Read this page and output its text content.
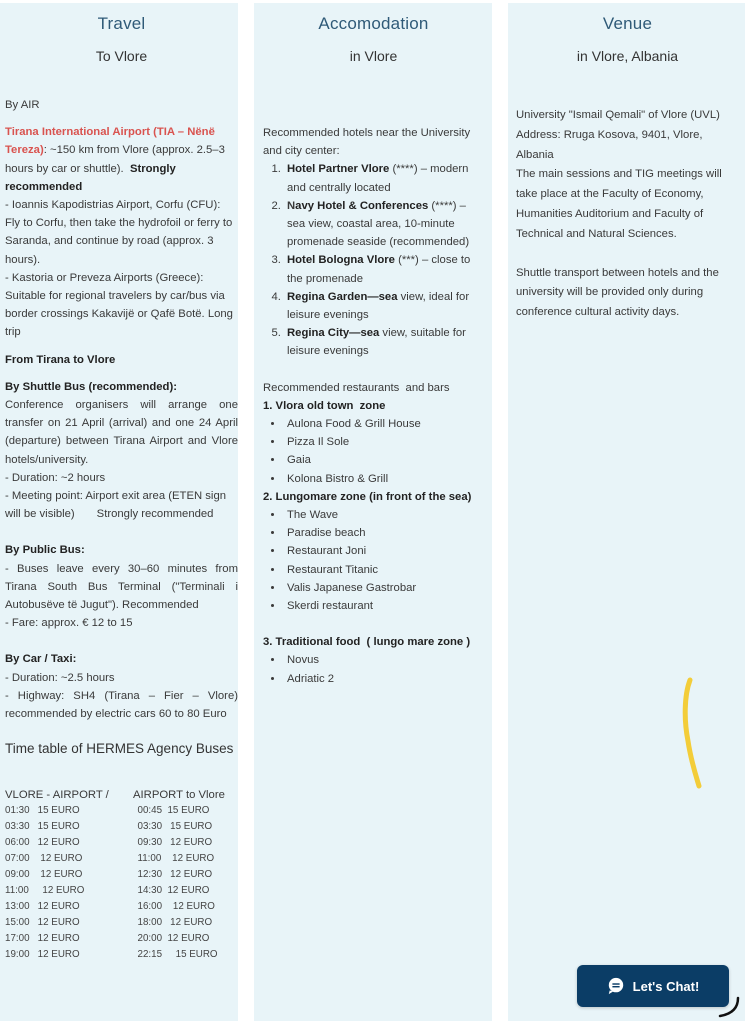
Travel
To Vlore

By AIR

Tirana International Airport (TIA – Nënë Tereza): ~150 km from Vlore (approx. 2.5–3 hours by car or shuttle). Strongly recommended

- Ioannis Kapodistrias Airport, Corfu (CFU): Fly to Corfu, then take the hydrofoil or ferry to Saranda, and continue by road (approx. 3 hours).

- Kastoria or Preveza Airports (Greece): Suitable for regional travelers by car/bus via border crossings Kakavijë or Qafë Botë. Long trip

From Tirana to Vlore

By Shuttle Bus (recommended):

Conference organisers will arrange one transfer on 21 April (arrival) and one 24 April (departure) between Tirana Airport and Vlore hotels/university.

- Duration: ~2 hours

- Meeting point: Airport exit area (ETEN sign will be visible)       Strongly recommended

By Public Bus:

- Buses leave every 30–60 minutes from Tirana South Bus Terminal ("Terminali i Autobusëve të Jugut"). Recommended

- Fare: approx. € 12 to 15

By Car / Taxi:

- Duration: ~2.5 hours

- Highway: SH4 (Tirana – Fier – Vlore) recommended by electric cars 60 to 80 Euro

Time table of HERMES Agency Buses
VLORE - AIRPORT /	AIRPORT to Vlore
01:30   15 EURO	00:45  15 EURO
03:30   15 EURO	03:30   15 EURO
06:00   12 EURO	09:30   12 EURO
07:00    12 EURO	11:00    12 EURO
09:00    12 EURO	12:30   12 EURO
11:00     12 EURO	14:30  12 EURO
13:00   12 EURO	16:00    12 EURO
15:00   12 EURO	18:00   12 EURO
17:00   12 EURO	20:00  12 EURO
19:00   12 EURO	22:15     15 EURO
Accomodation
in Vlore

Recommended hotels near the University and city center:

1. Hotel Partner Vlore (****) – modern and centrally located
2. Navy Hotel & Conferences (****) – sea view, coastal area, 10-minute promenade seaside (recommended)
3. Hotel Bologna Vlore (***) – close to the promenade
4. Regina Garden—sea view, ideal for leisure evenings
5. Regina City—sea view, suitable for leisure evenings

Recommended restaurants  and bars

1. Vlora old town  zone

• Aulona Food & Grill House
• Pizza Il Sole
• Gaia
• Kolona Bistro & Grill

2. Lungomare zone (in front of the sea)

• The Wave
• Paradise beach
• Restaurant Joni
• Restaurant Titanic
• Valis Japanese Gastrobar
• Skerdi restaurant

3. Traditional food  ( lungo mare zone )

• Novus
• Adriatic 2
Venue
in Vlore, Albania

University "Ismail Qemali" of Vlore (UVL)

Address: Rruga Kosova, 9401, Vlore, Albania

The main sessions and TIG meetings will take place at the Faculty of Economy, Humanities Auditorium and Faculty of Technical and Natural Sciences.

Shuttle transport between hotels and the university will be provided only during conference cultural activity days.

Let's Chat!
